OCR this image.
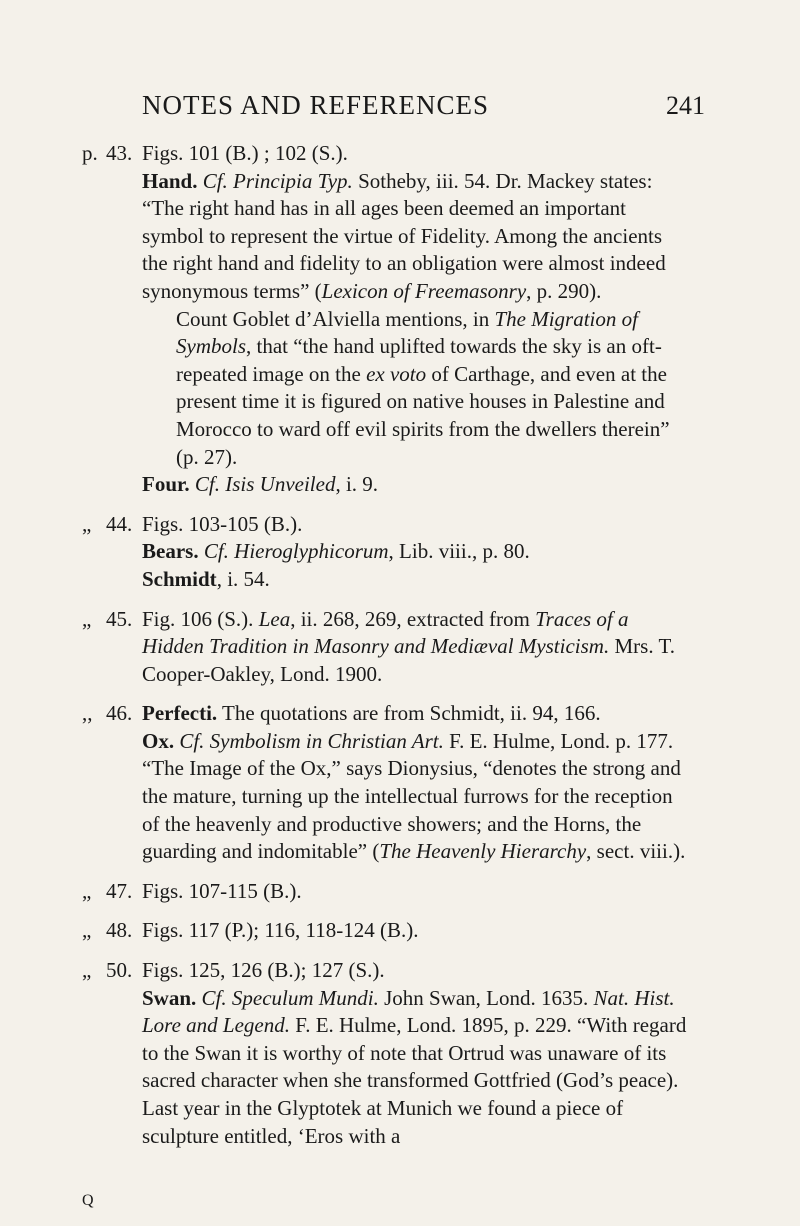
NOTES AND REFERENCES	241
p. 43. Figs. 101 (B.) ; 102 (S.).
Hand. Cf. Principia Typ. Sotheby, iii. 54. Dr. Mackey states: “The right hand has in all ages been deemed an important symbol to represent the virtue of Fidelity. Among the ancients the right hand and fidelity to an obligation were almost indeed synonymous terms” (Lexicon of Freemasonry, p. 290).
Count Goblet d’Alviella mentions, in The Migration of Symbols, that “the hand uplifted towards the sky is an oft-repeated image on the ex voto of Carthage, and even at the present time it is figured on native houses in Palestine and Morocco to ward off evil spirits from the dwellers therein” (p. 27).
Four. Cf. Isis Unveiled, i. 9.
„ 44. Figs. 103-105 (B.).
Bears. Cf. Hieroglyphicorum, Lib. viii., p. 80.
Schmidt, i. 54.
„ 45. Fig. 106 (S.). Lea, ii. 268, 269, extracted from Traces of a Hidden Tradition in Masonry and Mediæval Mysticism. Mrs. T. Cooper-Oakley, Lond. 1900.
,, 46. Perfecti. The quotations are from Schmidt, ii. 94, 166.
Ox. Cf. Symbolism in Christian Art. F. E. Hulme, Lond. p. 177. “The Image of the Ox,” says Dionysius, “denotes the strong and the mature, turning up the intellectual furrows for the reception of the heavenly and productive showers; and the Horns, the guarding and indomitable” (The Heavenly Hierarchy, sect. viii.).
„ 47. Figs. 107-115 (B.).
„ 48. Figs. 117 (P.); 116, 118-124 (B.).
„ 50. Figs. 125, 126 (B.); 127 (S.).
Swan. Cf. Speculum Mundi. John Swan, Lond. 1635. Nat. Hist. Lore and Legend. F. E. Hulme, Lond. 1895, p. 229. “With regard to the Swan it is worthy of note that Ortrud was unaware of its sacred character when she transformed Gottfried (God’s peace). Last year in the Glyptotek at Munich we found a piece of sculpture entitled, ‘Eros with a
Q
